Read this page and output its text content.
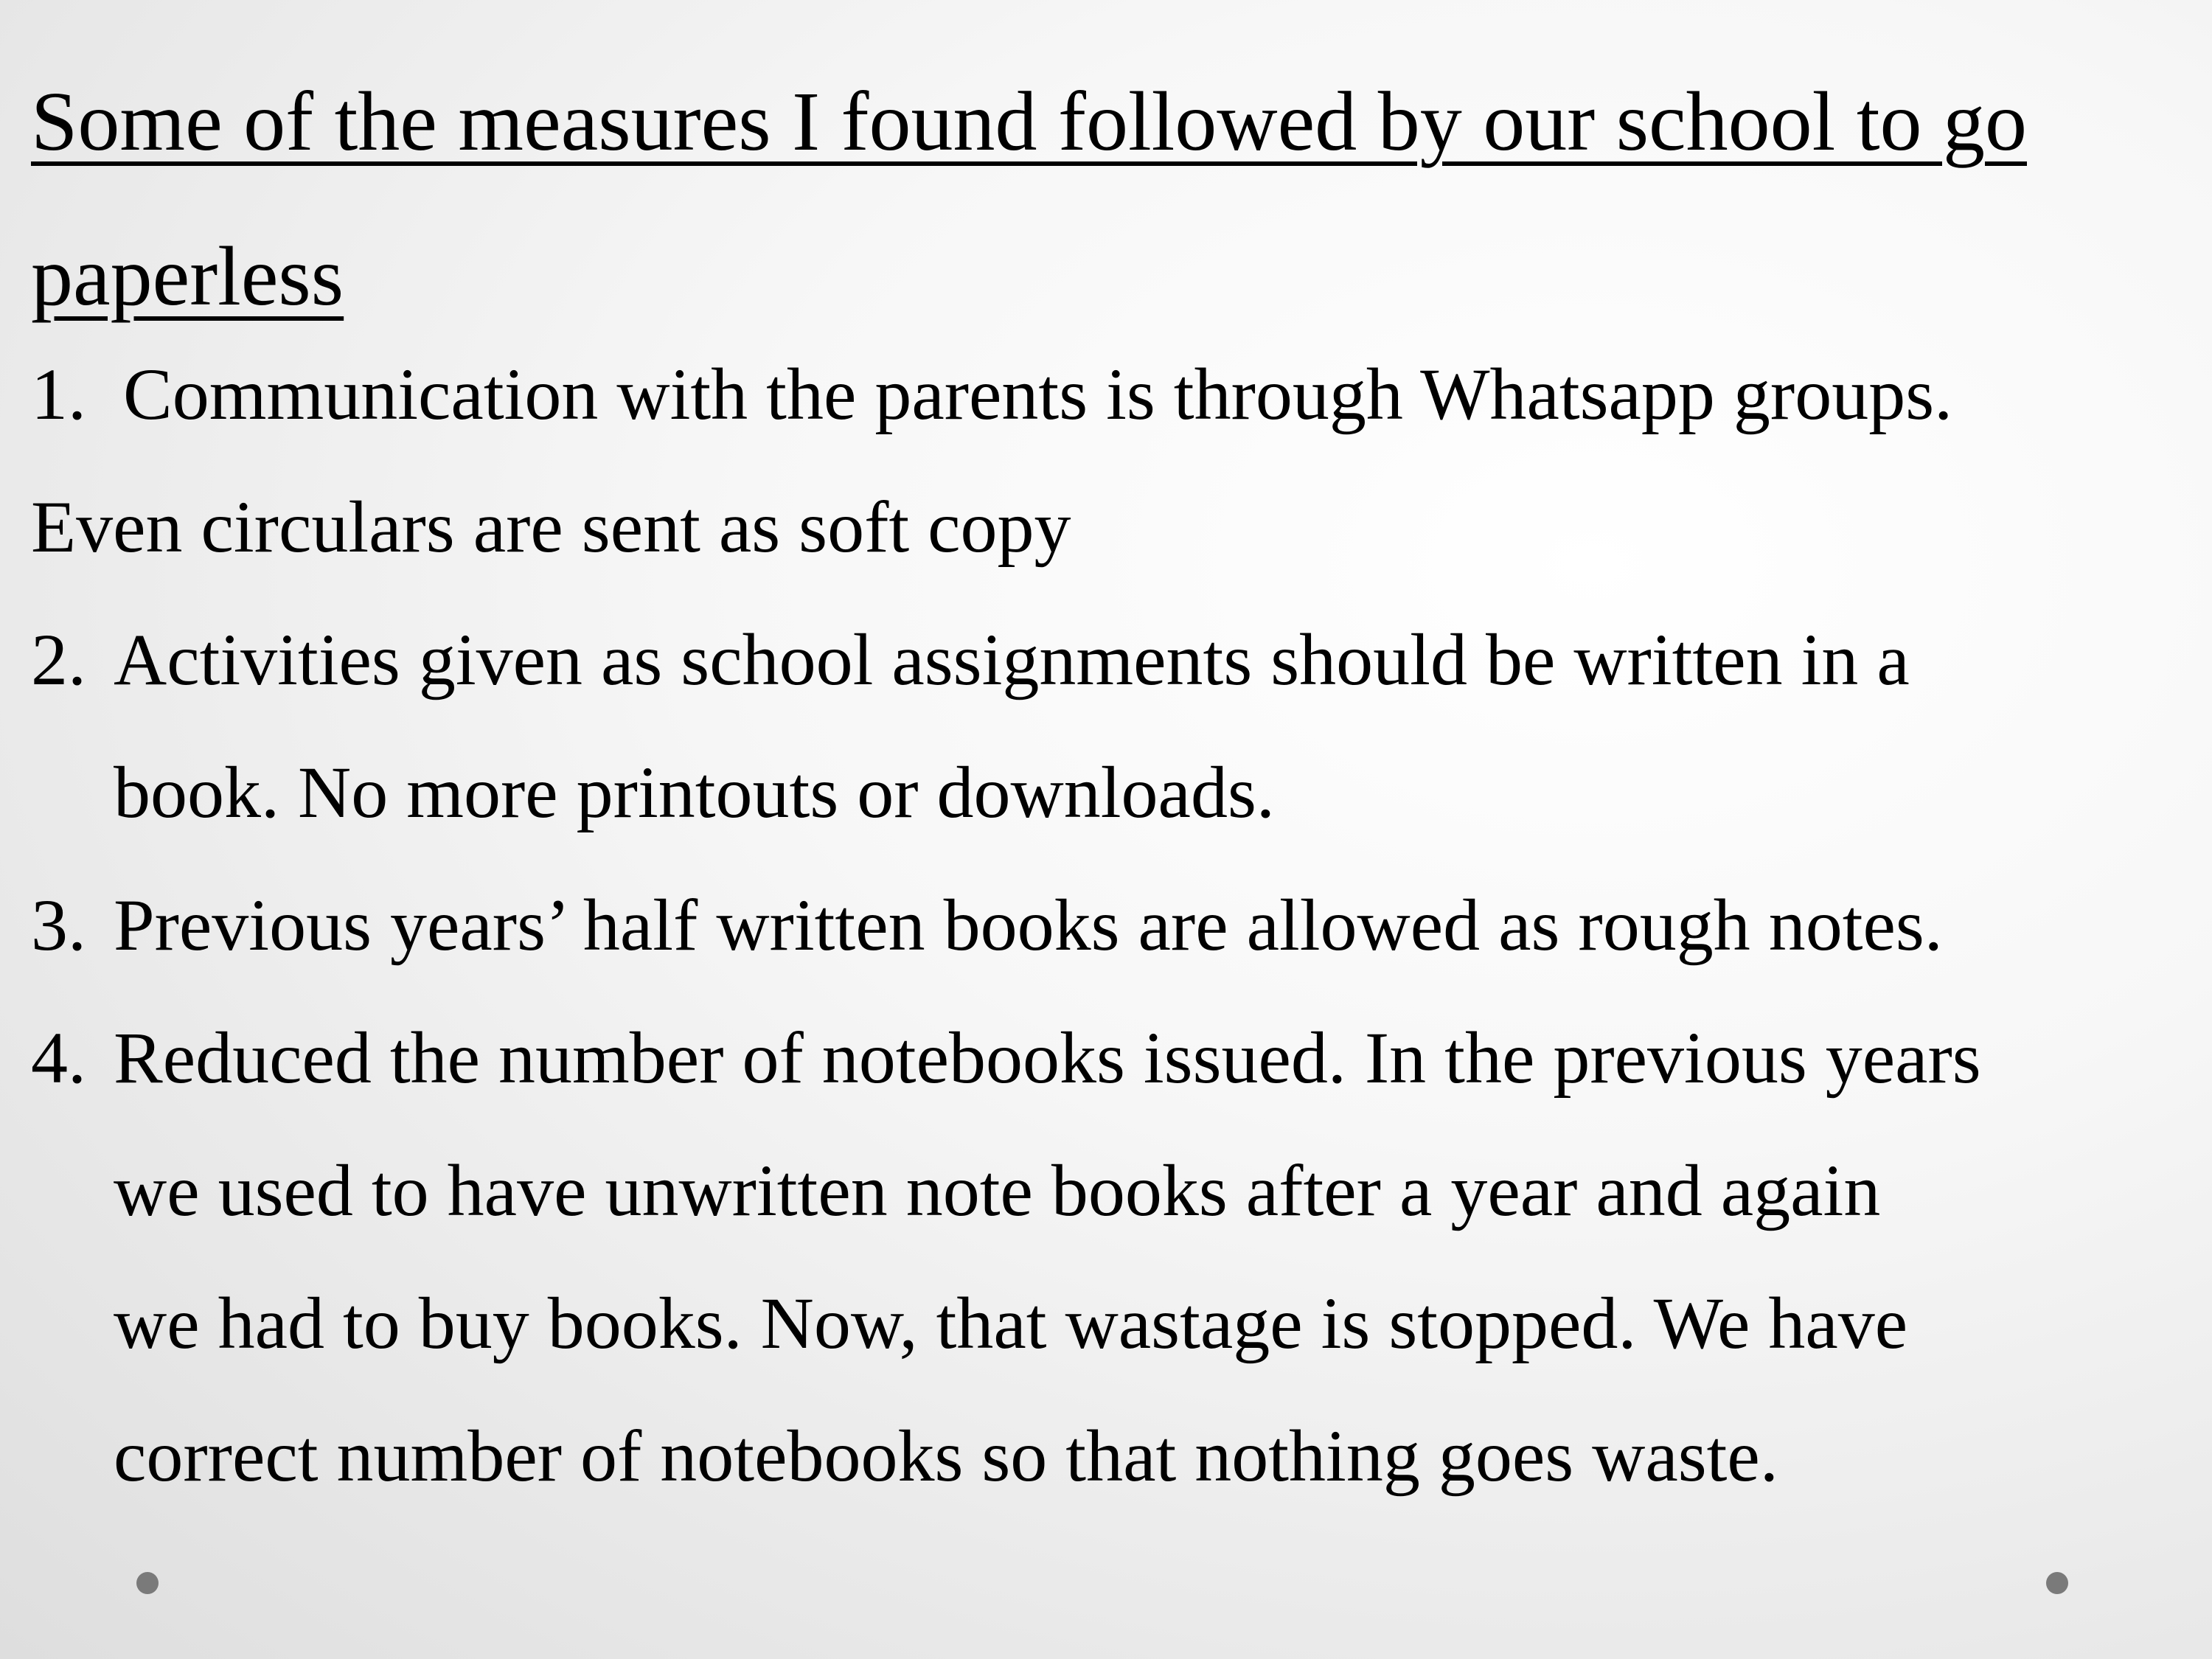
Some of the measures I found followed by our school to go paperless
1. Communication with the parents is through Whatsapp groups.
Even circulars are sent as soft copy
2. Activities given as school assignments should be written in a
book. No more printouts or downloads.
3. Previous years’ half written books are allowed as rough notes.
4. Reduced the number of notebooks issued. In the previous years
we used to have unwritten note books after a year and again
we had to buy books. Now, that wastage is stopped. We have
correct number of notebooks so that nothing goes waste.
